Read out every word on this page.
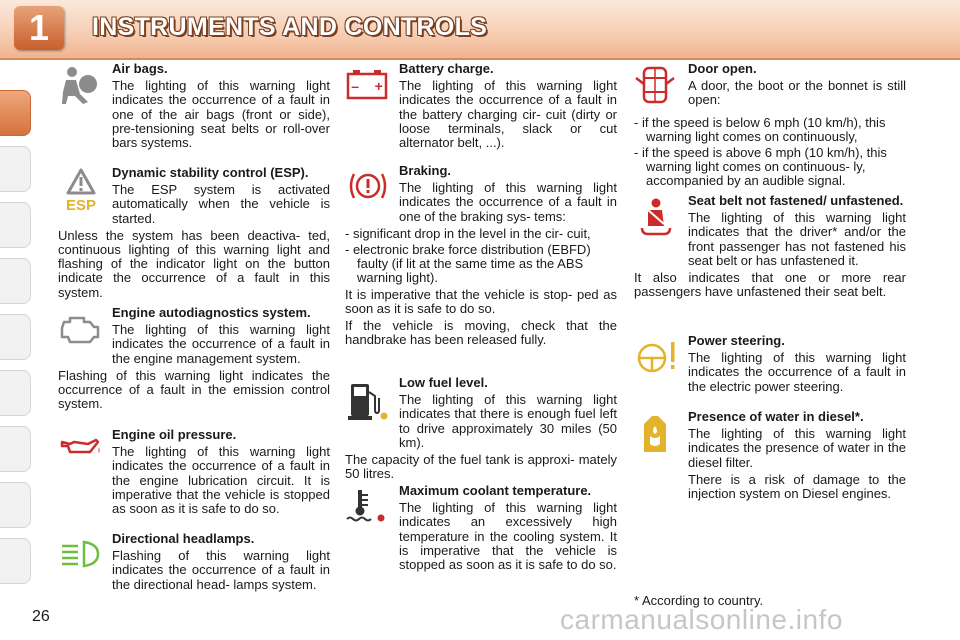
1	INSTRUMENTS AND CONTROLS

Air bags.

The lighting of this warning light indicates the occurrence of a fault in one of the air bags (front or side), pre-tensioning seat belts or roll-over bars systems.

ESP

Dynamic stability control (ESP).

The ESP system is activated automatically when the vehicle is started.

Unless the system has been deactiva- ted, continuous lighting of this warning light and flashing of the indicator light on the button indicate the occurrence of a fault in this system.

Engine autodiagnostics system.

The lighting of this warning light indicates the occurrence of a fault in the engine management system.

Flashing of this warning light indicates the occurrence of a fault in the emission control system.

Engine oil pressure.

The lighting of this warning light indicates the occurrence of a fault in the engine lubrication circuit. It is imperative that the vehicle is stopped as soon as it is safe to do so.

Directional headlamps.

Flashing of this warning light indicates the occurrence of a fault in the directional head- lamps system.

–    +

Battery charge.

The lighting of this warning light indicates the occurrence of a fault in the battery charging cir- cuit (dirty or loose terminals, slack or cut alternator belt, ...).

Braking.

The lighting of this warning light indicates the occurrence of a fault in one of the braking sys- tems:

- significant drop in the level in the cir- cuit,

- electronic brake force distribution (EBFD) faulty (if lit at the same time as the ABS warning light).

It is imperative that the vehicle is stop- ped as soon as it is safe to do so.

If the vehicle is moving, check that the handbrake has been released fully.

Low fuel level.

The lighting of this warning light indicates that there is enough fuel left to drive approximately 30 miles (50 km).

The capacity of the fuel tank is approxi- mately 50 litres.

Maximum coolant temperature.

The lighting of this warning light indicates an excessively high temperature in the cooling system. It is imperative that the vehicle is stopped as soon as it is safe to do so.

Door open.

A door, the boot or the bonnet is still open:

- if the speed is below 6 mph (10 km/h), this warning light comes on continuously,

- if the speed is above 6 mph (10 km/h), this warning light comes on continuous- ly, accompanied by an audible signal.

Seat belt not fastened/ unfastened.

The lighting of this warning light indicates that the driver* and/or the front passenger has not fastened his seat belt or has unfastened it.

It also indicates that one or more rear passengers have unfastened their seat belt.

Power steering.

The lighting of this warning light indicates the occurrence of a fault in the electric power steering.

Presence of water in diesel*.

The lighting of this warning light indicates the presence of water in the diesel filter.

There is a risk of damage to the injection system on Diesel engines.

* According to country.
26	carmanualsonline.info
